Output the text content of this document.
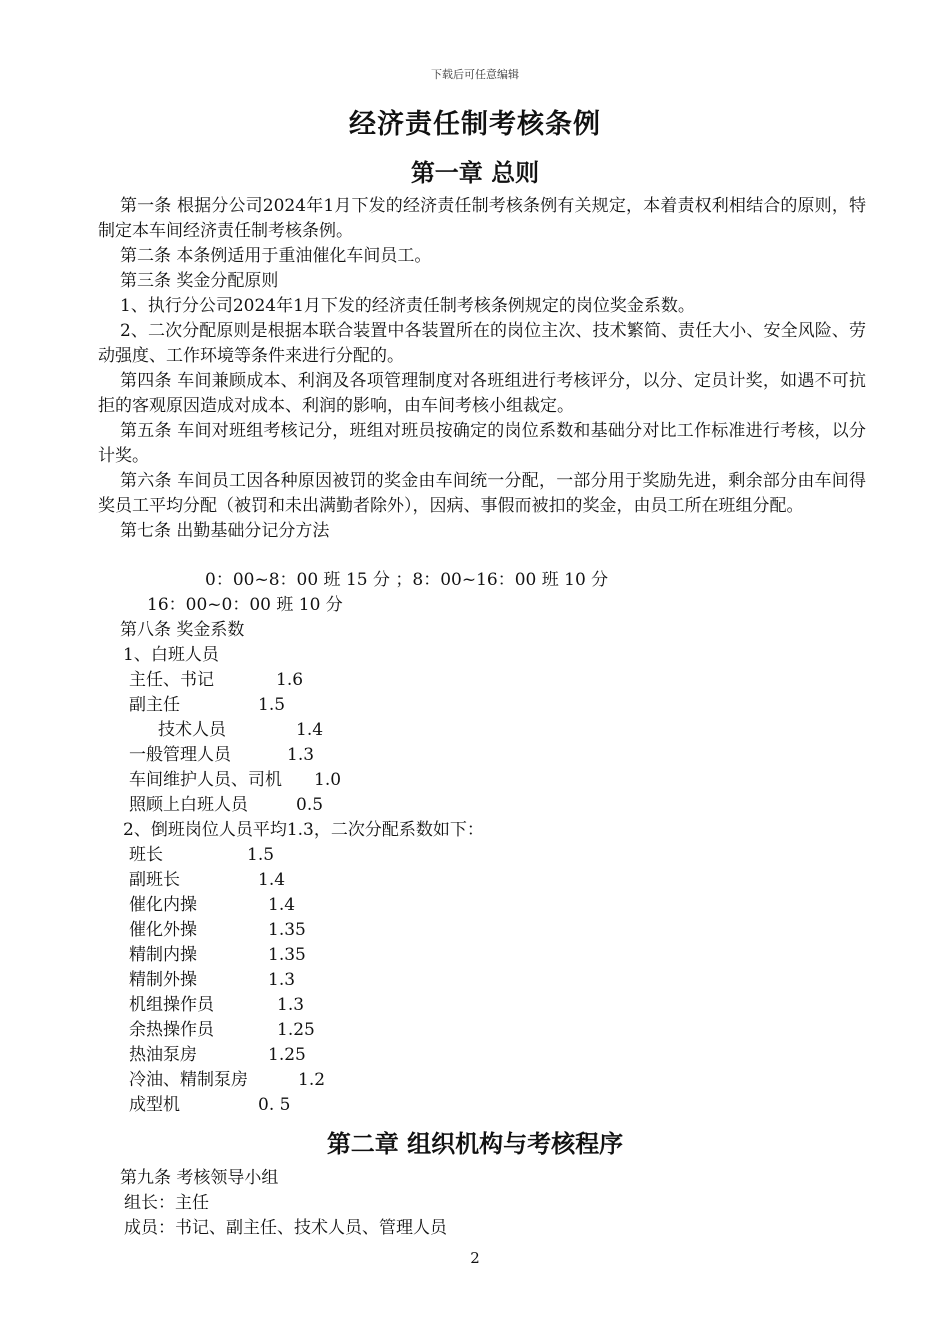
下载后可任意编辑
经济责任制考核条例
第一章 总则

第一条 根据分公司2024年1月下发的经济责任制考核条例有关规定，本着责权利相结合的原则，特制定本车间经济责任制考核条例。

第二条 本条例适用于重油催化车间员工。

第三条 奖金分配原则

1、执行分公司2024年1月下发的经济责任制考核条例规定的岗位奖金系数。

2、二次分配原则是根据本联合装置中各装置所在的岗位主次、技术繁简、责任大小、安全风险、劳动强度、工作环境等条件来进行分配的。

第四条 车间兼顾成本、利润及各项管理制度对各班组进行考核评分，以分、定员计奖，如遇不可抗拒的客观原因造成对成本、利润的影响，由车间考核小组裁定。

第五条 车间对班组考核记分，班组对班员按确定的岗位系数和基础分对比工作标准进行考核，以分计奖。

第六条 车间员工因各种原因被罚的奖金由车间统一分配，一部分用于奖励先进，剩余部分由车间得奖员工平均分配（被罚和未出满勤者除外），因病、事假而被扣的奖金，由员工所在班组分配。

第七条 出勤基础分记分方法

0：00~8：00 班 15 分 ；8：00~16：00 班 10 分
16：00~0：00 班 10 分
第八条 奖金系数
1、白班人员
主任、书记	1.6
副主任	1.5
技术人员	1.4
一般管理人员	1.3
车间维护人员、司机 1.0
照顾上白班人员	0.5
2、倒班岗位人员平均1.3，二次分配系数如下：
班长	1.5
副班长	1.4
催化内操	1.4
催化外操	1.35
精制内操	1.35
精制外操	1.3
机组操作员	1.3
余热操作员	1.25
热油泵房	1.25
冷油、精制泵房	1.2
成型机	0. 5
第二章 组织机构与考核程序
第九条 考核领导小组
组长：主任
成员：书记、副主任、技术人员、管理人员
2
